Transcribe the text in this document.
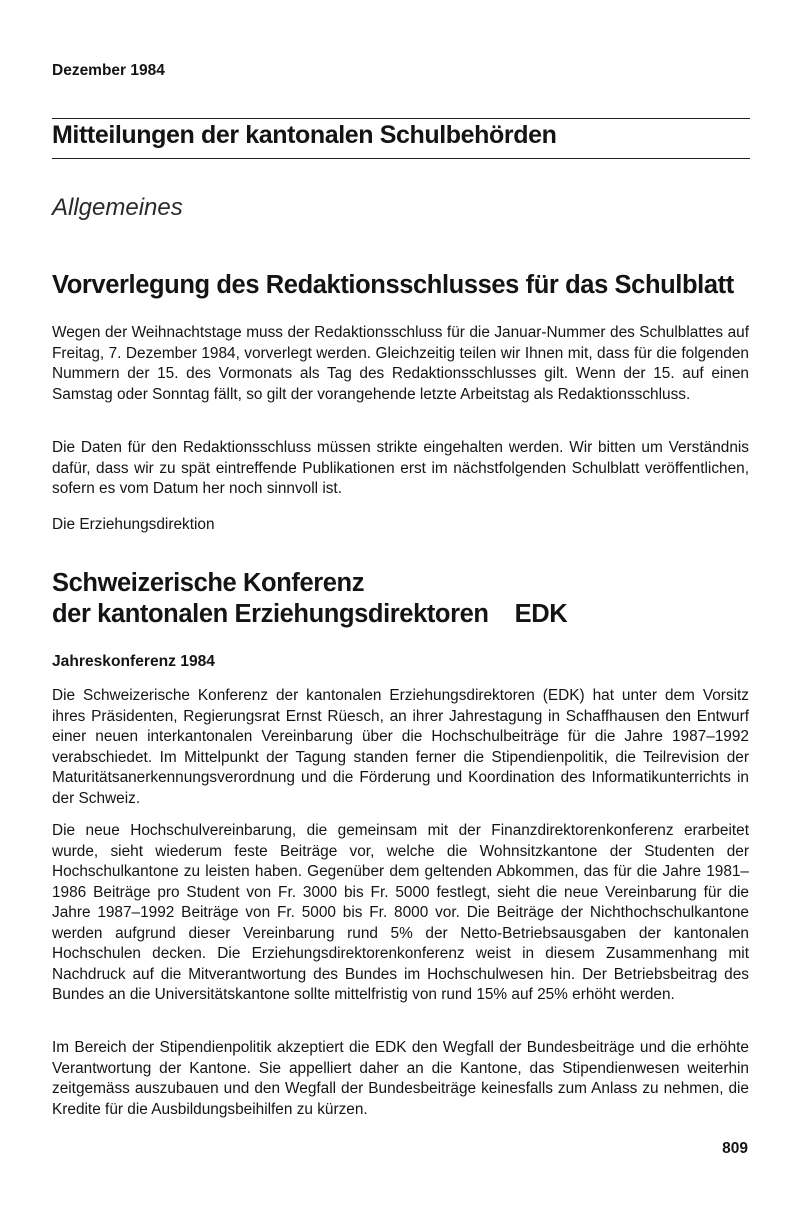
Dezember 1984
Mitteilungen der kantonalen Schulbehörden
Allgemeines
Vorverlegung des Redaktionsschlusses für das Schulblatt
Wegen der Weihnachtstage muss der Redaktionsschluss für die Januar-Nummer des Schulblattes auf Freitag, 7. Dezember 1984, vorverlegt werden. Gleichzeitig teilen wir Ihnen mit, dass für die folgenden Nummern der 15. des Vormonats als Tag des Redaktionsschlusses gilt. Wenn der 15. auf einen Samstag oder Sonntag fällt, so gilt der vorangehende letzte Arbeitstag als Redaktionsschluss.
Die Daten für den Redaktionsschluss müssen strikte eingehalten werden. Wir bitten um Verständnis dafür, dass wir zu spät eintreffende Publikationen erst im nächstfolgenden Schulblatt veröffentlichen, sofern es vom Datum her noch sinnvoll ist.
Die Erziehungsdirektion
Schweizerische Konferenz
der kantonalen Erziehungsdirektoren EDK
Jahreskonferenz 1984
Die Schweizerische Konferenz der kantonalen Erziehungsdirektoren (EDK) hat unter dem Vorsitz ihres Präsidenten, Regierungsrat Ernst Rüesch, an ihrer Jahrestagung in Schaffhausen den Entwurf einer neuen interkantonalen Vereinbarung über die Hochschulbeiträge für die Jahre 1987–1992 verabschiedet. Im Mittelpunkt der Tagung standen ferner die Stipendienpolitik, die Teilrevision der Maturitätsanerkennungsverordnung und die Förderung und Koordination des Informatikunterrichts in der Schweiz.
Die neue Hochschulvereinbarung, die gemeinsam mit der Finanzdirektorenkonferenz erarbeitet wurde, sieht wiederum feste Beiträge vor, welche die Wohnsitzkantone der Studenten der Hochschulkantone zu leisten haben. Gegenüber dem geltenden Abkommen, das für die Jahre 1981–1986 Beiträge pro Student von Fr. 3000 bis Fr. 5000 festlegt, sieht die neue Vereinbarung für die Jahre 1987–1992 Beiträge von Fr. 5000 bis Fr. 8000 vor. Die Beiträge der Nichthochschulkantone werden aufgrund dieser Vereinbarung rund 5% der Netto-Betriebsausgaben der kantonalen Hochschulen decken. Die Erziehungsdirektorenkonferenz weist in diesem Zusammenhang mit Nachdruck auf die Mitverantwortung des Bundes im Hochschulwesen hin. Der Betriebsbeitrag des Bundes an die Universitätskantone sollte mittelfristig von rund 15% auf 25% erhöht werden.
Im Bereich der Stipendienpolitik akzeptiert die EDK den Wegfall der Bundesbeiträge und die erhöhte Verantwortung der Kantone. Sie appelliert daher an die Kantone, das Stipendienwesen weiterhin zeitgemäss auszubauen und den Wegfall der Bundesbeiträge keinesfalls zum Anlass zu nehmen, die Kredite für die Ausbildungsbeihilfen zu kürzen.
809
